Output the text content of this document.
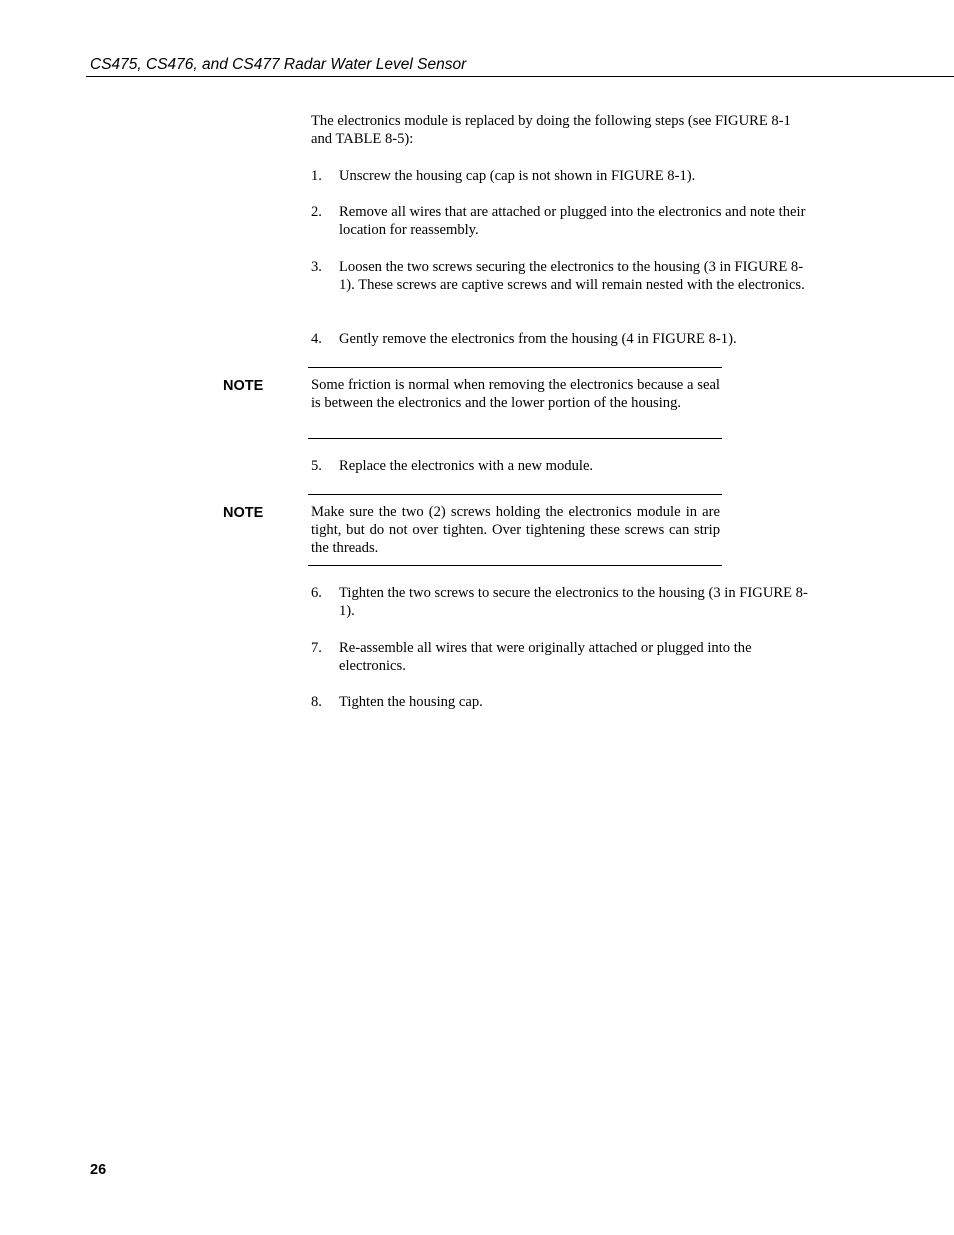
CS475, CS476, and CS477 Radar Water Level Sensor
The electronics module is replaced by doing the following steps (see FIGURE 8-1 and TABLE 8-5):
1. Unscrew the housing cap (cap is not shown in FIGURE 8-1).
2. Remove all wires that are attached or plugged into the electronics and note their location for reassembly.
3. Loosen the two screws securing the electronics to the housing (3 in FIGURE 8-1). These screws are captive screws and will remain nested with the electronics.
4. Gently remove the electronics from the housing (4 in FIGURE 8-1).
NOTE	Some friction is normal when removing the electronics because a seal is between the electronics and the lower portion of the housing.
5. Replace the electronics with a new module.
NOTE	Make sure the two (2) screws holding the electronics module in are tight, but do not over tighten. Over tightening these screws can strip the threads.
6. Tighten the two screws to secure the electronics to the housing (3 in FIGURE 8-1).
7. Re-assemble all wires that were originally attached or plugged into the electronics.
8. Tighten the housing cap.
26
